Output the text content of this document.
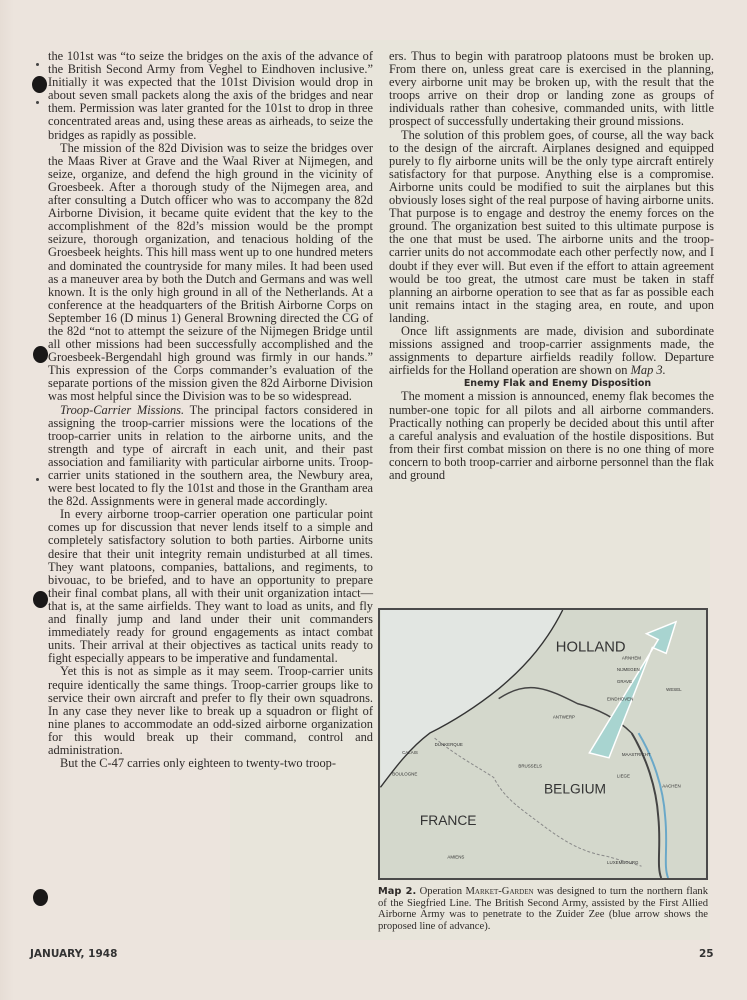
the 101st was “to seize the bridges on the axis of the advance of the British Second Army from Veghel to Eindhoven inclusive.” Initially it was expected that the 101st Division would drop in about seven small packets along the axis of the bridges and near them. Permission was later granted for the 101st to drop in three concentrated areas and, using these areas as airheads, to seize the bridges as rapidly as possible.

The mission of the 82d Division was to seize the bridges over the Maas River at Grave and the Waal River at Nijmegen, and seize, organize, and defend the high ground in the vicinity of Groesbeek. After a thorough study of the Nijmegen area, and after consulting a Dutch officer who was to accompany the 82d Airborne Division, it became quite evident that the key to the accomplishment of the 82d’s mission would be the prompt seizure, thorough organization, and tenacious holding of the Groesbeek heights. This hill mass went up to one hundred meters and dominated the countryside for many miles. It had been used as a maneuver area by both the Dutch and Germans and was well known. It is the only high ground in all of the Netherlands. At a conference at the headquarters of the British Airborne Corps on September 16 (D minus 1) General Browning directed the CG of the 82d “not to attempt the seizure of the Nijmegen Bridge until all other missions had been successfully accomplished and the Groesbeek-Bergendahl high ground was firmly in our hands.” This expression of the Corps commander’s evaluation of the separate portions of the mission given the 82d Airborne Division was most helpful since the Division was to be so widespread.

Troop-Carrier Missions. The principal factors considered in assigning the troop-carrier missions were the locations of the troop-carrier units in relation to the airborne units, and the strength and type of aircraft in each unit, and their past association and familiarity with particular airborne units. Troop-carrier units stationed in the southern area, the Newbury area, were best located to fly the 101st and those in the Grantham area the 82d. Assignments were in general made accordingly.

In every airborne troop-carrier operation one particular point comes up for discussion that never lends itself to a simple and completely satisfactory solution to both parties. Airborne units desire that their unit integrity remain undisturbed at all times. They want platoons, companies, battalions, and regiments, to bivouac, to be briefed, and to have an opportunity to prepare their final combat plans, all with their unit organization intact—that is, at the same airfields. They want to load as units, and fly and finally jump and land under their unit commanders immediately ready for ground engagements as intact combat units. Their arrival at their objectives as tactical units ready to fight especially appears to be imperative and fundamental.

Yet this is not as simple as it may seem. Troop-carrier units require identically the same things. Troop-carrier groups like to service their own aircraft and prefer to fly their own squadrons. In any case they never like to break up a squadron or flight of nine planes to accommodate an odd-sized airborne organization for this would break up their command, control and administration.

But the C-47 carries only eighteen to twenty-two troop-

ers. Thus to begin with paratroop platoons must be broken up. From there on, unless great care is exercised in the planning, every airborne unit may be broken up, with the result that the troops arrive on their drop or landing zone as groups of individuals rather than cohesive, commanded units, with little prospect of successfully undertaking their ground missions.

The solution of this problem goes, of course, all the way back to the design of the aircraft. Airplanes designed and equipped purely to fly airborne units will be the only type aircraft entirely satisfactory for that purpose. Anything else is a compromise. Airborne units could be modified to suit the airplanes but this obviously loses sight of the real purpose of having airborne units. That purpose is to engage and destroy the enemy forces on the ground. The organization best suited to this ultimate purpose is the one that must be used. The airborne units and the troop-carrier units do not accommodate each other perfectly now, and I doubt if they ever will. But even if the effort to attain agreement would be too great, the utmost care must be taken in staff planning an airborne operation to see that as far as possible each unit remains intact in the staging area, en route, and upon landing.

Once lift assignments are made, division and subordinate missions assigned and troop-carrier assignments made, the assignments to departure airfields readily follow. Departure airfields for the Holland operation are shown on Map 3.

Enemy Flak and Enemy Disposition

The moment a mission is announced, enemy flak becomes the number-one topic for all pilots and all airborne commanders. Practically nothing can properly be decided about this until after a careful analysis and evaluation of the hostile dispositions. But from their first combat mission on there is no one thing of more concern to both troop-carrier and airborne personnel than the flak and ground

HOLLAND
BELGIUM
FRANCE
ARNHEM
NIJMEGEN
GRAVE
WESEL
EINDHOVEN
ANTWERP
DUNKERQUE
CALAIS
BOULOGNE
BRUSSELS
MAASTRICHT
LIEGE
AACHEN
AMIENS
LUXEMBOURG
Map 2. Operation Market-Garden was designed to turn the northern flank of the Siegfried Line. The British Second Army, assisted by the First Allied Airborne Army was to penetrate to the Zuider Zee (blue arrow shows the proposed line of advance).
JANUARY, 1948	25
